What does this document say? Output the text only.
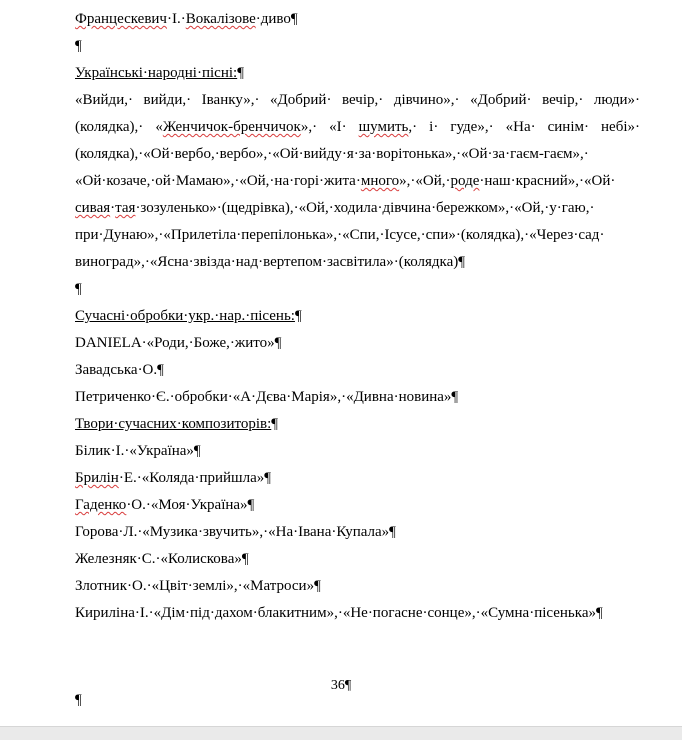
Францескевич·І.·Вокалізове·диво¶

¶

Українські·народні·пісні:¶

«Вийди,· вийди,· Іванку»,· «Добрий· вечір,· дівчино»,· «Добрий· вечір,· люди»· (колядка),· «Женчичок-бренчичок»,· «І· шумить,· і· гуде»,· «На· синім· небі»· (колядка),·«Ой·вербо,·вербо»,·«Ой·вийду·я·за·ворітонька»,·«Ой·за·гаєм-гаєм»,· «Ой·козаче,·ой·Мамаю»,·«Ой,·на·горі·жита·много»,·«Ой,·роде·наш·красний»,·«Ой· сивая·тая·зозуленько»·(щедрівка),·«Ой,·ходила·дівчина·бережком»,·«Ой,·у·гаю,· при·Дунаю»,·«Прилетіла·перепілонька»,·«Спи,·Ісусе,·спи»·(колядка),·«Через·сад· виноград»,·«Ясна·звізда·над·вертепом·засвітила»·(колядка)¶

¶

Сучасні·обробки·укр.·нар.·пісень:¶

DANIELA·«Роди,·Боже,·жито»¶

Завадська·О.¶

Петриченко·Є.·обробки·«А·Дєва·Марія»,·«Дивна·новина»¶

Твори·сучасних·композиторів:¶

Білик·І.·«Україна»¶

Брилін·Е.·«Коляда·прийшла»¶

Гаденко·О.·«Моя·Україна»¶

Горова·Л.·«Музика·звучить»,·«На·Івана·Купала»¶

Железняк·С.·«Колискова»¶

Злотник·О.·«Цвіт·землі»,·«Матроси»¶

Кириліна·І.·«Дім·під·дахом·блакитним»,·«Не·погасне·сонце»,·«Сумна·пісенька»¶

36¶
¶
